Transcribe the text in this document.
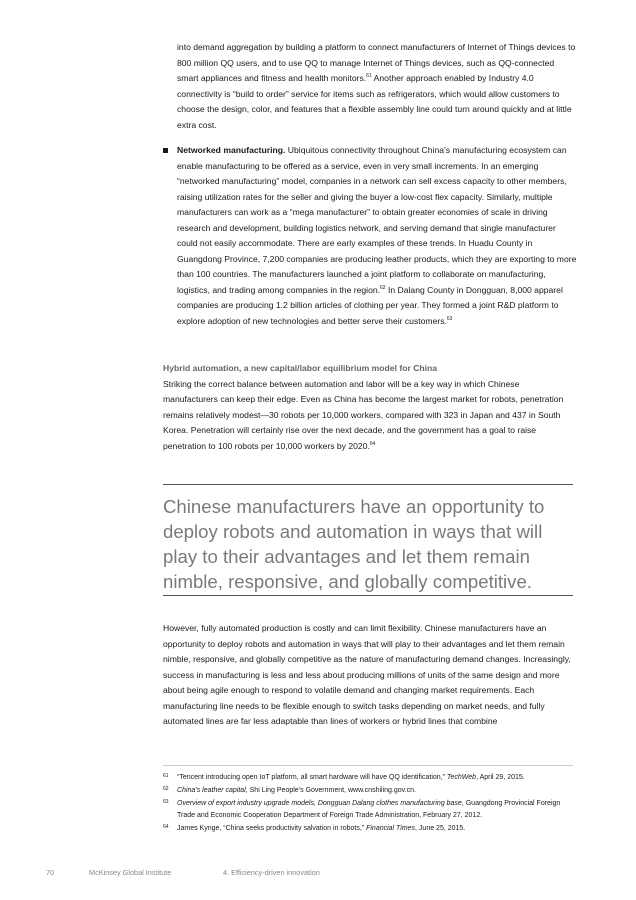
into demand aggregation by building a platform to connect manufacturers of Internet of Things devices to 800 million QQ users, and to use QQ to manage Internet of Things devices, such as QQ-connected smart appliances and fitness and health monitors.$^{61}$ Another approach enabled by Industry 4.0 connectivity is “build to order” service for items such as refrigerators, which would allow customers to choose the design, color, and features that a flexible assembly line could turn around quickly and at little extra cost.

Networked manufacturing. Ubiquitous connectivity throughout China’s manufacturing ecosystem can enable manufacturing to be offered as a service, even in very small increments. In an emerging “networked manufacturing” model, companies in a network can sell excess capacity to other members, raising utilization rates for the seller and giving the buyer a low-cost flex capacity. Similarly, multiple manufacturers can work as a “mega manufacturer” to obtain greater economies of scale in driving research and development, building logistics network, and serving demand that single manufacturer could not easily accommodate. There are early examples of these trends. In Huadu County in Guangdong Province, 7,200 companies are producing leather products, which they are exporting to more than 100 countries. The manufacturers launched a joint platform to collaborate on manufacturing, logistics, and trading among companies in the region.$^{62}$ In Dalang County in Dongguan, 8,000 apparel companies are producing 1.2 billion articles of clothing per year. They formed a joint R&D platform to explore adoption of new technologies and better serve their customers.$^{63}$
Hybrid automation, a new capital/labor equilibrium model for China

Striking the correct balance between automation and labor will be a key way in which Chinese manufacturers can keep their edge. Even as China has become the largest market for robots, penetration remains relatively modest—30 robots per 10,000 workers, compared with 323 in Japan and 437 in South Korea. Penetration will certainly rise over the next decade, and the government has a goal to raise penetration to 100 robots per 10,000 workers by 2020.64

Chinese manufacturers have an opportunity to deploy robots and automation in ways that will play to their advantages and let them remain nimble, responsive, and globally competitive.

However, fully automated production is costly and can limit flexibility. Chinese manufacturers have an opportunity to deploy robots and automation in ways that will play to their advantages and let them remain nimble, responsive, and globally competitive as the nature of manufacturing demand changes. Increasingly, success in manufacturing is less and less about producing millions of units of the same design and more about being agile enough to respond to volatile demand and changing market requirements. Each manufacturing line needs to be flexible enough to switch tasks depending on market needs, and fully automated lines are far less adaptable than lines of workers or hybrid lines that combine

61 “Tencent introducing open IoT platform, all smart hardware will have QQ identification,” TechWeb, April 29, 2015.
62 China’s leather capital, Shi Ling People’s Government, www.cnshiling.gov.cn.
63 Overview of export industry upgrade models, Dongguan Dalang clothes manufacturing base, Guangdong Provincial Foreign Trade and Economic Cooperation Department of Foreign Trade Administration, February 27, 2012.
64 James Kynge, “China seeks productivity salvation in robots,” Financial Times, June 25, 2015.
70	McKinsey Global Institute	4. Efficiency-driven innovation
